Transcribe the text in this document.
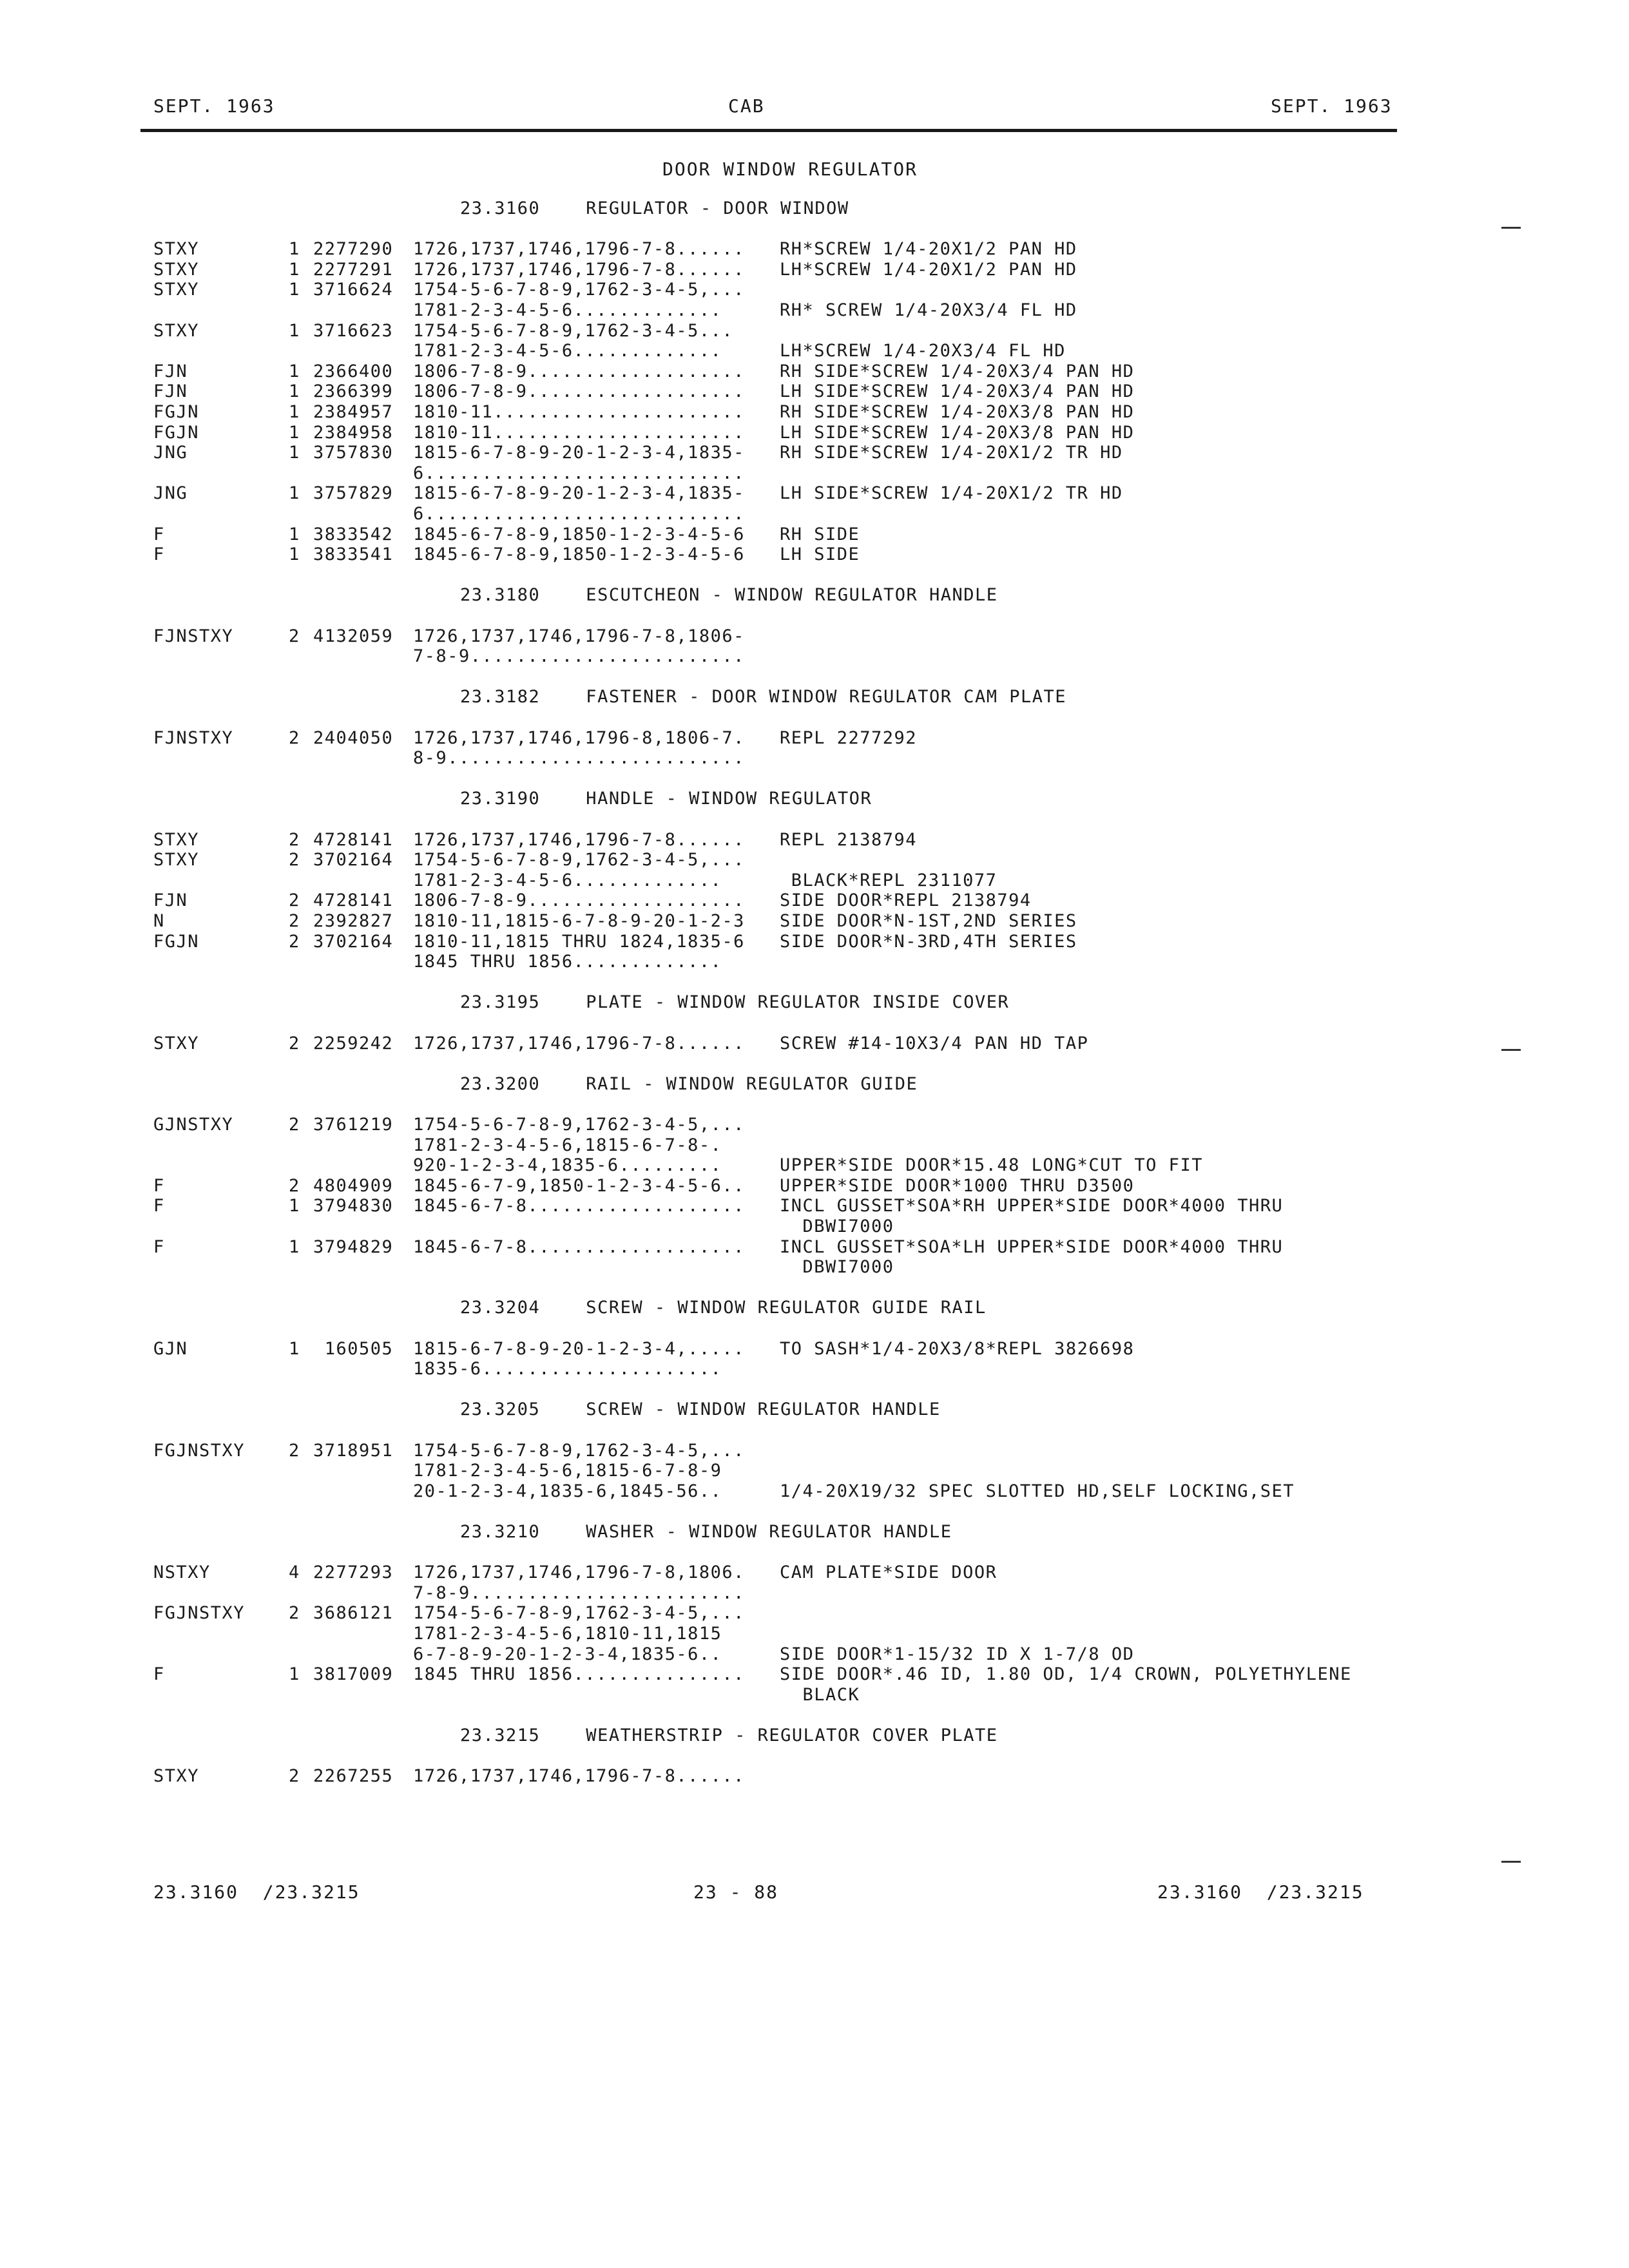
SEPT. 1963	CAB	SEPT. 1963
DOOR WINDOW REGULATOR
23.3160    REGULATOR - DOOR WINDOW
STXY	1 2277290 1726,1737,1746,1796-7-8...... RH*SCREW 1/4-20X1/2 PAN HD
STXY	1 2277291 1726,1737,1746,1796-7-8...... LH*SCREW 1/4-20X1/2 PAN HD
STXY	1 3716624 1754-5-6-7-8-9,1762-3-4-5,...
1781-2-3-4-5-6.............	RH* SCREW 1/4-20X3/4 FL HD
STXY	1 3716623 1754-5-6-7-8-9,1762-3-4-5...
1781-2-3-4-5-6.............	LH*SCREW 1/4-20X3/4 FL HD
FJN	1 2366400 1806-7-8-9................... RH SIDE*SCREW 1/4-20X3/4 PAN HD
FJN	1 2366399 1806-7-8-9................... LH SIDE*SCREW 1/4-20X3/4 PAN HD
FGJN	1 2384957 1810-11...................... RH SIDE*SCREW 1/4-20X3/8 PAN HD
FGJN	1 2384958 1810-11...................... LH SIDE*SCREW 1/4-20X3/8 PAN HD
JNG	1 3757830 1815-6-7-8-9-20-1-2-3-4,1835- RH SIDE*SCREW 1/4-20X1/2 TR HD
6............................
JNG	1 3757829 1815-6-7-8-9-20-1-2-3-4,1835- LH SIDE*SCREW 1/4-20X1/2 TR HD
6............................
F	1 3833542 1845-6-7-8-9,1850-1-2-3-4-5-6 RH SIDE
F	1 3833541 1845-6-7-8-9,1850-1-2-3-4-5-6 LH SIDE
23.3180    ESCUTCHEON - WINDOW REGULATOR HANDLE
FJNSTXY	2 4132059 1726,1737,1746,1796-7-8,1806-
7-8-9........................
23.3182    FASTENER - DOOR WINDOW REGULATOR CAM PLATE
FJNSTXY	2 2404050 1726,1737,1746,1796-8,1806-7. REPL 2277292
8-9..........................
23.3190    HANDLE - WINDOW REGULATOR
STXY	2 4728141 1726,1737,1746,1796-7-8...... REPL 2138794
STXY	2 3702164 1754-5-6-7-8-9,1762-3-4-5,...
1781-2-3-4-5-6.............	BLACK*REPL 2311077
FJN	2 4728141 1806-7-8-9................... SIDE DOOR*REPL 2138794
N	2 2392827 1810-11,1815-6-7-8-9-20-1-2-3 SIDE DOOR*N-1ST,2ND SERIES
FGJN	2 3702164 1810-11,1815 THRU 1824,1835-6 SIDE DOOR*N-3RD,4TH SERIES
1845 THRU 1856.............
23.3195    PLATE - WINDOW REGULATOR INSIDE COVER
STXY	2 2259242 1726,1737,1746,1796-7-8...... SCREW #14-10X3/4 PAN HD TAP
23.3200    RAIL - WINDOW REGULATOR GUIDE
GJNSTXY	2 3761219 1754-5-6-7-8-9,1762-3-4-5,...
1781-2-3-4-5-6,1815-6-7-8-.
920-1-2-3-4,1835-6.........	UPPER*SIDE DOOR*15.48 LONG*CUT TO FIT
F	2 4804909 1845-6-7-9,1850-1-2-3-4-5-6.. UPPER*SIDE DOOR*1000 THRU D3500
F	1 3794830 1845-6-7-8................... INCL GUSSET*SOA*RH UPPER*SIDE DOOR*4000 THRU
DBWI7000
F	1 3794829 1845-6-7-8................... INCL GUSSET*SOA*LH UPPER*SIDE DOOR*4000 THRU
DBWI7000
23.3204    SCREW - WINDOW REGULATOR GUIDE RAIL
GJN	1 160505 1815-6-7-8-9-20-1-2-3-4,..... TO SASH*1/4-20X3/8*REPL 3826698
1835-6.....................
23.3205    SCREW - WINDOW REGULATOR HANDLE
FGJNSTXY	2 3718951 1754-5-6-7-8-9,1762-3-4-5,...
1781-2-3-4-5-6,1815-6-7-8-9
20-1-2-3-4,1835-6,1845-56..	1/4-20X19/32 SPEC SLOTTED HD,SELF LOCKING,SET
23.3210    WASHER - WINDOW REGULATOR HANDLE
NSTXY	4 2277293 1726,1737,1746,1796-7-8,1806. CAM PLATE*SIDE DOOR
7-8-9........................
FGJNSTXY	2 3686121 1754-5-6-7-8-9,1762-3-4-5,...
1781-2-3-4-5-6,1810-11,1815
6-7-8-9-20-1-2-3-4,1835-6..	SIDE DOOR*1-15/32 ID X 1-7/8 OD
F	1 3817009 1845 THRU 1856............... SIDE DOOR*.46 ID, 1.80 OD, 1/4 CROWN, POLYETHYLENE
BLACK
23.3215    WEATHERSTRIP - REGULATOR COVER PLATE
STXY	2 2267255 1726,1737,1746,1796-7-8......
23.3160  /23.3215	23 - 88	23.3160  /23.3215
